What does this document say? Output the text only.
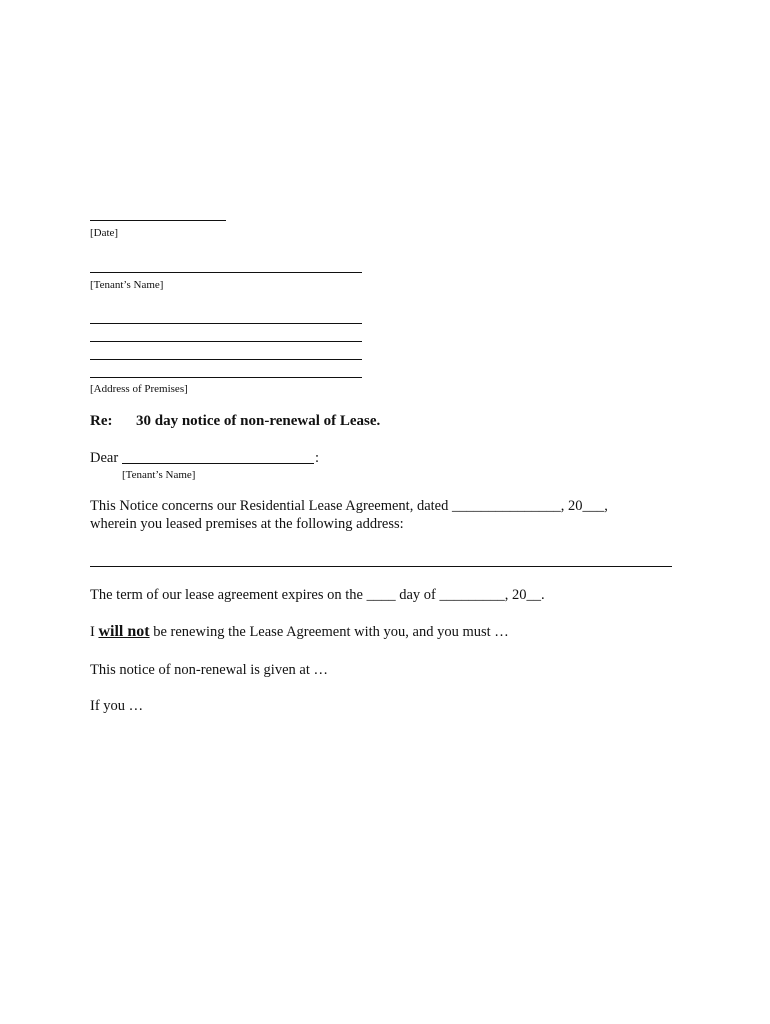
[Date]
[Tenant’s Name]
[Address of Premises]
Re: 30 day notice of non-renewal of Lease.
Dear	:
[Tenant’s Name]
This Notice concerns our Residential Lease Agreement, dated _______________, 20___,
wherein you leased premises at the following address:
The term of our lease agreement expires on the ____ day of _________, 20__.
I will not be renewing the Lease Agreement with you, and you must …
This notice of non-renewal is given at …
If you …
